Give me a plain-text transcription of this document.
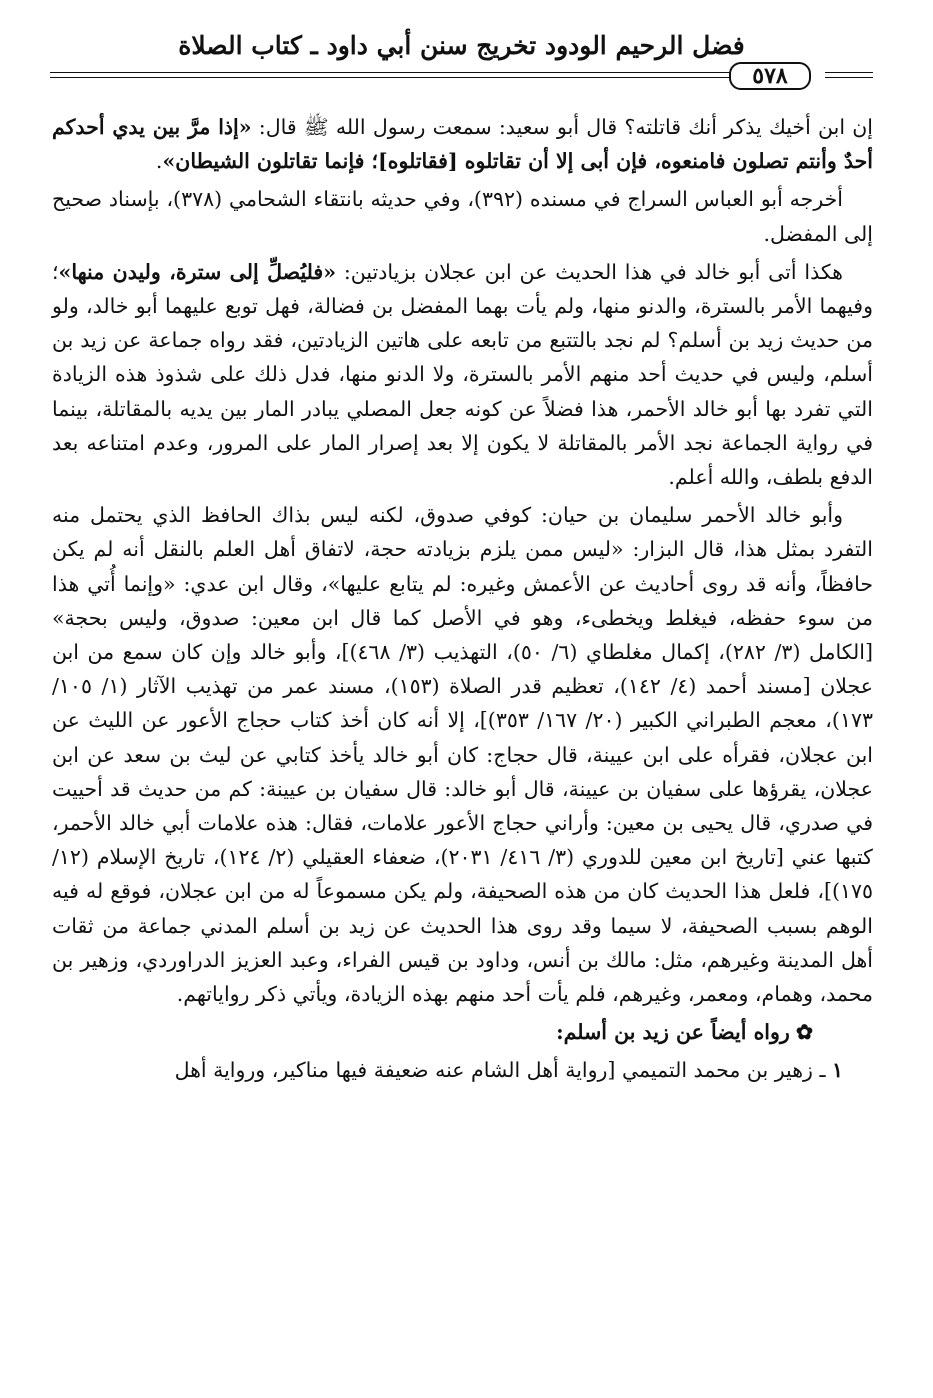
فضل الرحيم الودود تخريج سنن أبي داود ـ كتاب الصلاة
٥٧٨

إن ابن أخيك يذكر أنك قاتلته؟ قال أبو سعيد: سمعت رسول الله ﷺ قال: «إذا مرَّ بين يدي أحدكم أحدٌ وأنتم تصلون فامنعوه، فإن أبى إلا أن تقاتلوه [فقاتلوه]؛ فإنما تقاتلون الشيطان».

أخرجه أبو العباس السراج في مسنده (٣٩٢)، وفي حديثه بانتقاء الشحامي (٣٧٨)، بإسناد صحيح إلى المفضل.

هكذا أتى أبو خالد في هذا الحديث عن ابن عجلان بزيادتين: «فليُصلِّ إلى سترة، وليدن منها»؛ وفيهما الأمر بالسترة، والدنو منها، ولم يأت بهما المفضل بن فضالة، فهل توبع عليهما أبو خالد، ولو من حديث زيد بن أسلم؟ لم نجد بالتتبع من تابعه على هاتين الزيادتين، فقد رواه جماعة عن زيد بن أسلم، وليس في حديث أحد منهم الأمر بالسترة، ولا الدنو منها، فدل ذلك على شذوذ هذه الزيادة التي تفرد بها أبو خالد الأحمر، هذا فضلاً عن كونه جعل المصلي يبادر المار بين يديه بالمقاتلة، بينما في رواية الجماعة نجد الأمر بالمقاتلة لا يكون إلا بعد إصرار المار على المرور، وعدم امتناعه بعد الدفع بلطف، والله أعلم.

وأبو خالد الأحمر سليمان بن حيان: كوفي صدوق، لكنه ليس بذاك الحافظ الذي يحتمل منه التفرد بمثل هذا، قال البزار: «ليس ممن يلزم بزيادته حجة، لاتفاق أهل العلم بالنقل أنه لم يكن حافظاً، وأنه قد روى أحاديث عن الأعمش وغيره: لم يتابع عليها»، وقال ابن عدي: «وإنما أُتي هذا من سوء حفظه، فيغلط ويخطىء، وهو في الأصل كما قال ابن معين: صدوق، وليس بحجة» [الكامل (٣/ ٢٨٢)، إكمال مغلطاي (٦/ ٥٠)، التهذيب (٣/ ٤٦٨)]، وأبو خالد وإن كان سمع من ابن عجلان [مسند أحمد (٤/ ١٤٢)، تعظيم قدر الصلاة (١٥٣)، مسند عمر من تهذيب الآثار (١/ ١٠٥/ ١٧٣)، معجم الطبراني الكبير (٢٠/ ١٦٧/ ٣٥٣)]، إلا أنه كان أخذ كتاب حجاج الأعور عن الليث عن ابن عجلان، فقرأه على ابن عيينة، قال حجاج: كان أبو خالد يأخذ كتابي عن ليث بن سعد عن ابن عجلان، يقرؤها على سفيان بن عيينة، قال أبو خالد: قال سفيان بن عيينة: كم من حديث قد أحييت في صدري، قال يحيى بن معين: وأراني حجاج الأعور علامات، فقال: هذه علامات أبي خالد الأحمر، كتبها عني [تاريخ ابن معين للدوري (٣/ ٤١٦/ ٢٠٣١)، ضعفاء العقيلي (٢/ ١٢٤)، تاريخ الإسلام (١٢/ ١٧٥)]، فلعل هذا الحديث كان من هذه الصحيفة، ولم يكن مسموعاً له من ابن عجلان، فوقع له فيه الوهم بسبب الصحيفة، لا سيما وقد روى هذا الحديث عن زيد بن أسلم المدني جماعة من ثقات أهل المدينة وغيرهم، مثل: مالك بن أنس، وداود بن قيس الفراء، وعبد العزيز الدراوردي، وزهير بن محمد، وهمام، ومعمر، وغيرهم، فلم يأت أحد منهم بهذه الزيادة، ويأتي ذكر رواياتهم.

✿رواه أيضاً عن زيد بن أسلم:

١ ـ زهير بن محمد التميمي [رواية أهل الشام عنه ضعيفة فيها مناكير، ورواية أهل
